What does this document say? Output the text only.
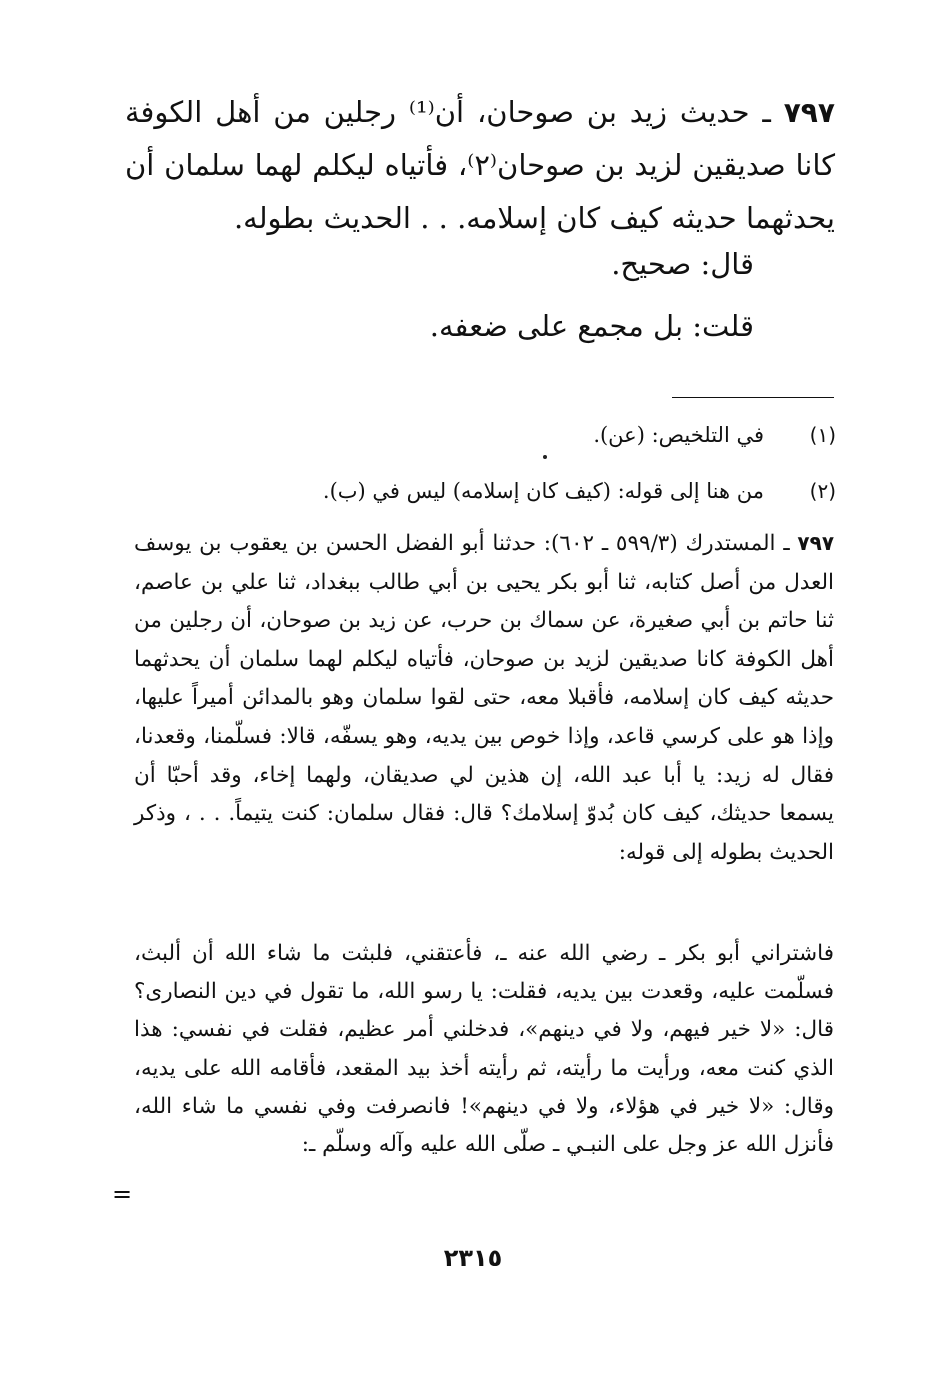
٧٩٧ ـ حديث زيد بن صوحان، أن⁽¹⁾ رجلين من أهل الكوفة كانا صديقين لزيد بن صوحان⁽٢⁾، فأتياه ليكلم لهما سلمان أن يحدثهما حديثه كيف كان إسلامه. . . الحديث بطوله.
قال: صحيح.
قلت: بل مجمع على ضعفه.
(١)في التلخيص: (عن).
(٢)من هنا إلى قوله: (كيف كان إسلامه) ليس في (ب).
٧٩٧ ـ المستدرك (٥٩٩/٣ ـ ٦٠٢): حدثنا أبو الفضل الحسن بن يعقوب بن يوسف العدل من أصل كتابه، ثنا أبو بكر يحيى بن أبي طالب ببغداد، ثنا علي بن عاصم، ثنا حاتم بن أبي صغيرة، عن سماك بن حرب، عن زيد بن صوحان، أن رجلين من أهل الكوفة كانا صديقين لزيد بن صوحان، فأتياه ليكلم لهما سلمان أن يحدثهما حديثه كيف كان إسلامه، فأقبلا معه، حتى لقوا سلمان وهو بالمدائن أميراً عليها، وإذا هو على كرسي قاعد، وإذا خوص بين يديه، وهو يسفّه، قالا: فسلّمنا، وقعدنا، فقال له زيد: يا أبا عبد الله، إن هذين لي صديقان، ولهما إخاء، وقد أحبّا أن يسمعا حديثك، كيف كان بُدوّ إسلامك؟ قال: فقال سلمان: كنت يتيماً. . . ، وذكر الحديث بطوله إلى قوله:
فاشتراني أبو بكر ـ رضي الله عنه ـ، فأعتقني، فلبثت ما شاء الله أن ألبث، فسلّمت عليه، وقعدت بين يديه، فقلت: يا رسو الله، ما تقول في دين النصارى؟ قال: «لا خير فيهم، ولا في دينهم»، فدخلني أمر عظيم، فقلت في نفسي: هذا الذي كنت معه، ورأيت ما رأيته، ثم رأيته أخذ بيد المقعد، فأقامه الله على يديه، وقال: «لا خير في هؤلاء، ولا في دينهم»! فانصرفت وفي نفسي ما شاء الله، فأنزل الله عز وجل على النبـي ـ صلّى الله عليه وآله وسلّم ـ:
=
٢٣١٥
